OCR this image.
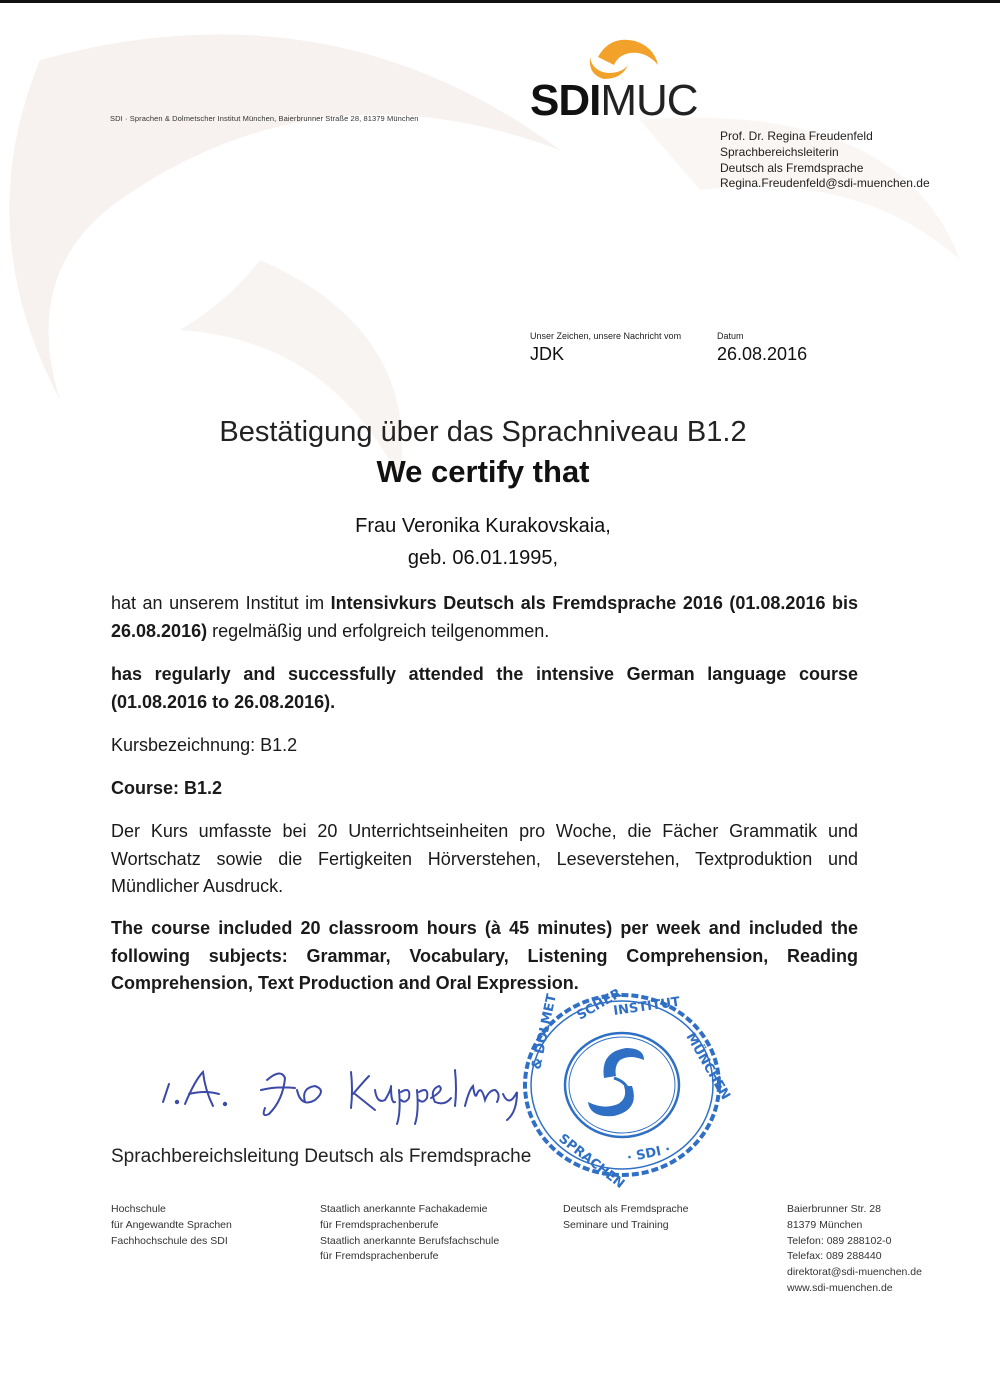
SDI · Sprachen & Dolmetscher Institut München, Baierbrunner Straße 28, 81379 München	SDIMUC
Prof. Dr. Regina Freudenfeld
Sprachbereichsleiterin
Deutsch als Fremdsprache
Regina.Freudenfeld@sdi-muenchen.de
Unser Zeichen, unsere Nachricht vom
JDK
Datum
26.08.2016
Bestätigung über das Sprachniveau B1.2
We certify that
Frau Veronika Kurakovskaia,
geb. 06.01.1995,
hat an unserem Institut im Intensivkurs Deutsch als Fremdsprache 2016 (01.08.2016 bis 26.08.2016) regelmäßig und erfolgreich teilgenommen.
has regularly and successfully attended the intensive German language course (01.08.2016 to 26.08.2016).
Kursbezeichnung: B1.2
Course: B1.2
Der Kurs umfasste bei 20 Unterrichtseinheiten pro Woche, die Fächer Grammatik und Wortschatz sowie die Fertigkeiten Hörverstehen, Leseverstehen, Textproduktion und Mündlicher Ausdruck.
The course included 20 classroom hours (à 45 minutes) per week and included the following subjects: Grammar, Vocabulary, Listening Comprehension, Reading Comprehension, Text Production and Oral Expression.
INSTITUT
MÜNCHEN
SCHER
& DOLMET
SPRACHEN
· SDI ·
Sprachbereichsleitung Deutsch als Fremdsprache
Hochschule
für Angewandte Sprachen
Fachhochschule des SDI
Staatlich anerkannte Fachakademie
für Fremdsprachenberufe
Staatlich anerkannte Berufsfachschule
für Fremdsprachenberufe
Deutsch als Fremdsprache
Seminare und Training
Baierbrunner Str. 28
81379 München
Telefon: 089 288102-0
Telefax: 089 288440
direktorat@sdi-muenchen.de
www.sdi-muenchen.de
